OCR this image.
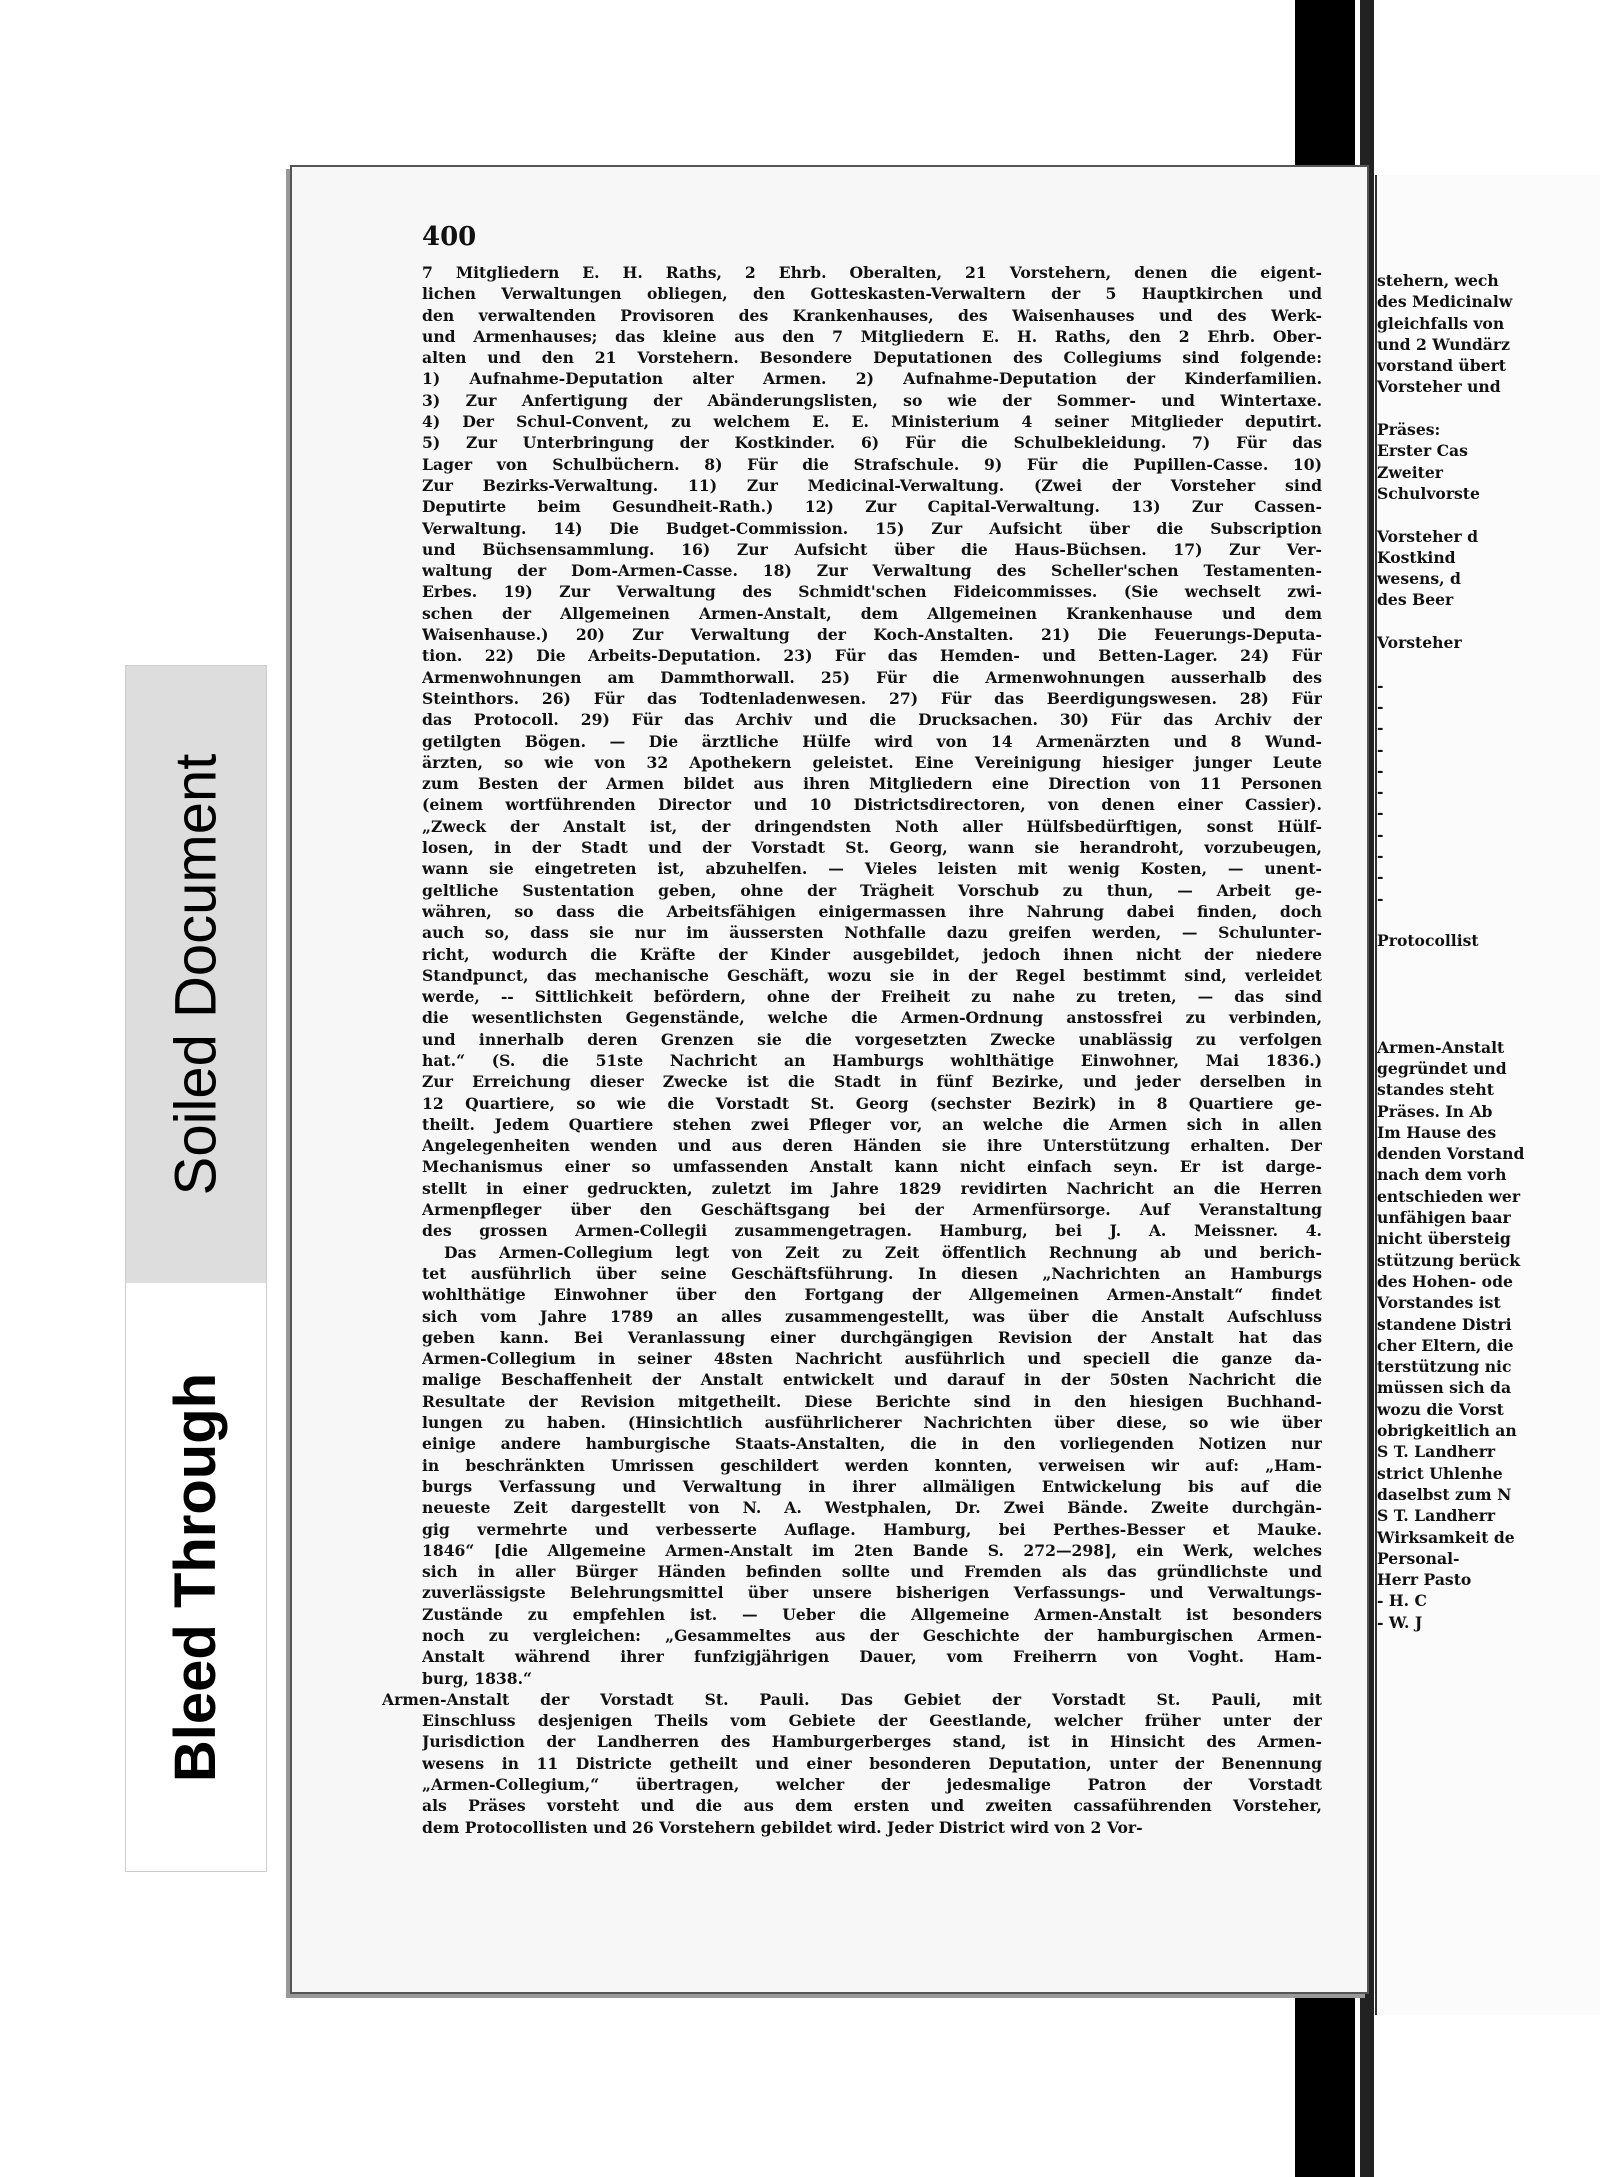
400
7 Mitgliedern E. H. Raths, 2 Ehrb. Oberalten, 21 Vorstehern, denen die eigent-
lichen Verwaltungen obliegen, den Gotteskasten-Verwaltern der 5 Hauptkirchen und
den verwaltenden Provisoren des Krankenhauses, des Waisenhauses und des Werk-
und Armenhauses; das kleine aus den 7 Mitgliedern E. H. Raths, den 2 Ehrb. Ober-
alten und den 21 Vorstehern. Besondere Deputationen des Collegiums sind folgende:
1) Aufnahme-Deputation alter Armen. 2) Aufnahme-Deputation der Kinderfamilien.
3) Zur Anfertigung der Abänderungslisten, so wie der Sommer- und Wintertaxe.
4) Der Schul-Convent, zu welchem E. E. Ministerium 4 seiner Mitglieder deputirt.
5) Zur Unterbringung der Kostkinder. 6) Für die Schulbekleidung. 7) Für das
Lager von Schulbüchern. 8) Für die Strafschule. 9) Für die Pupillen-Casse. 10)
Zur Bezirks-Verwaltung. 11) Zur Medicinal-Verwaltung. (Zwei der Vorsteher sind
Deputirte beim Gesundheit-Rath.) 12) Zur Capital-Verwaltung. 13) Zur Cassen-
Verwaltung. 14) Die Budget-Commission. 15) Zur Aufsicht über die Subscription
und Büchsensammlung. 16) Zur Aufsicht über die Haus-Büchsen. 17) Zur Ver-
waltung der Dom-Armen-Casse. 18) Zur Verwaltung des Scheller'schen Testamenten-
Erbes. 19) Zur Verwaltung des Schmidt'schen Fideicommisses. (Sie wechselt zwi-
schen der Allgemeinen Armen-Anstalt, dem Allgemeinen Krankenhause und dem
Waisenhause.) 20) Zur Verwaltung der Koch-Anstalten. 21) Die Feuerungs-Deputa-
tion. 22) Die Arbeits-Deputation. 23) Für das Hemden- und Betten-Lager. 24) Für
Armenwohnungen am Dammthorwall. 25) Für die Armenwohnungen ausserhalb des
Steinthors. 26) Für das Todtenladenwesen. 27) Für das Beerdigungswesen. 28) Für
das Protocoll. 29) Für das Archiv und die Drucksachen. 30) Für das Archiv der
getilgten Bögen. — Die ärztliche Hülfe wird von 14 Armenärzten und 8 Wund-
ärzten, so wie von 32 Apothekern geleistet. Eine Vereinigung hiesiger junger Leute
zum Besten der Armen bildet aus ihren Mitgliedern eine Direction von 11 Personen
(einem wortführenden Director und 10 Districtsdirectoren, von denen einer Cassier).
„Zweck der Anstalt ist, der dringendsten Noth aller Hülfsbedürftigen, sonst Hülf-
losen, in der Stadt und der Vorstadt St. Georg, wann sie herandroht, vorzubeugen,
wann sie eingetreten ist, abzuhelfen. — Vieles leisten mit wenig Kosten, — unent-
geltliche Sustentation geben, ohne der Trägheit Vorschub zu thun, — Arbeit ge-
währen, so dass die Arbeitsfähigen einigermassen ihre Nahrung dabei finden, doch
auch so, dass sie nur im äussersten Nothfalle dazu greifen werden, — Schulunter-
richt, wodurch die Kräfte der Kinder ausgebildet, jedoch ihnen nicht der niedere
Standpunct, das mechanische Geschäft, wozu sie in der Regel bestimmt sind, verleidet
werde, -- Sittlichkeit befördern, ohne der Freiheit zu nahe zu treten, — das sind
die wesentlichsten Gegenstände, welche die Armen-Ordnung anstossfrei zu verbinden,
und innerhalb deren Grenzen sie die vorgesetzten Zwecke unablässig zu verfolgen
hat.“ (S. die 51ste Nachricht an Hamburgs wohlthätige Einwohner, Mai 1836.)
Zur Erreichung dieser Zwecke ist die Stadt in fünf Bezirke, und jeder derselben in
12 Quartiere, so wie die Vorstadt St. Georg (sechster Bezirk) in 8 Quartiere ge-
theilt. Jedem Quartiere stehen zwei Pfleger vor, an welche die Armen sich in allen
Angelegenheiten wenden und aus deren Händen sie ihre Unterstützung erhalten. Der
Mechanismus einer so umfassenden Anstalt kann nicht einfach seyn. Er ist darge-
stellt in einer gedruckten, zuletzt im Jahre 1829 revidirten Nachricht an die Herren
Armenpfleger über den Geschäftsgang bei der Armenfürsorge. Auf Veranstaltung
des grossen Armen-Collegii zusammengetragen. Hamburg, bei J. A. Meissner. 4.
Das Armen-Collegium legt von Zeit zu Zeit öffentlich Rechnung ab und berich-
tet ausführlich über seine Geschäftsführung. In diesen „Nachrichten an Hamburgs
wohlthätige Einwohner über den Fortgang der Allgemeinen Armen-Anstalt“ findet
sich vom Jahre 1789 an alles zusammengestellt, was über die Anstalt Aufschluss
geben kann. Bei Veranlassung einer durchgängigen Revision der Anstalt hat das
Armen-Collegium in seiner 48sten Nachricht ausführlich und speciell die ganze da-
malige Beschaffenheit der Anstalt entwickelt und darauf in der 50sten Nachricht die
Resultate der Revision mitgetheilt. Diese Berichte sind in den hiesigen Buchhand-
lungen zu haben. (Hinsichtlich ausführlicherer Nachrichten über diese, so wie über
einige andere hamburgische Staats-Anstalten, die in den vorliegenden Notizen nur
in beschränkten Umrissen geschildert werden konnten, verweisen wir auf: „Ham-
burgs Verfassung und Verwaltung in ihrer allmäligen Entwickelung bis auf die
neueste Zeit dargestellt von N. A. Westphalen, Dr. Zwei Bände. Zweite durchgän-
gig vermehrte und verbesserte Auflage. Hamburg, bei Perthes-Besser et Mauke.
1846“ [die Allgemeine Armen-Anstalt im 2ten Bande S. 272—298], ein Werk, welches
sich in aller Bürger Händen befinden sollte und Fremden als das gründlichste und
zuverlässigste Belehrungsmittel über unsere bisherigen Verfassungs- und Verwaltungs-
Zustände zu empfehlen ist. — Ueber die Allgemeine Armen-Anstalt ist besonders
noch zu vergleichen: „Gesammeltes aus der Geschichte der hamburgischen Armen-
Anstalt während ihrer funfzigjährigen Dauer, vom Freiherrn von Voght. Ham-
burg, 1838.“
Armen-Anstalt der Vorstadt St. Pauli. Das Gebiet der Vorstadt St. Pauli, mit
Einschluss desjenigen Theils vom Gebiete der Geestlande, welcher früher unter der
Jurisdiction der Landherren des Hamburgerberges stand, ist in Hinsicht des Armen-
wesens in 11 Districte getheilt und einer besonderen Deputation, unter der Benennung
„Armen-Collegium,“ übertragen, welcher der jedesmalige Patron der Vorstadt
als Präses vorsteht und die aus dem ersten und zweiten cassaführenden Vorsteher,
dem Protocollisten und 26 Vorstehern gebildet wird. Jeder District wird von 2 Vor-
stehern, wech
des Medicinalw
gleichfalls von
und 2 Wundärz
vorstand übert
Vorsteher und
Präses:
Erster Cas
Zweiter
Schulvorste
Vorsteher d
Kostkind
wesens, d
des Beer
Vorsteher
-
-
-
-
-
-
-
-
-
-
-
Protocollist
Armen-Anstalt
gegründet und
standes steht
Präses. In Ab
Im Hause des
denden Vorstand
nach dem vorh
entschieden wer
unfähigen baar
nicht übersteig
stützung berück
des Hohen- ode
Vorstandes ist
standene Distri
cher Eltern, die
terstützung nic
müssen sich da
wozu die Vorst
obrigkeitlich an
S T. Landherr
strict Uhlenhe
daselbst zum N
S T. Landherr
Wirksamkeit de
Personal-
Herr Pasto
- H. C
- W. J
Soiled Document
Bleed Through
